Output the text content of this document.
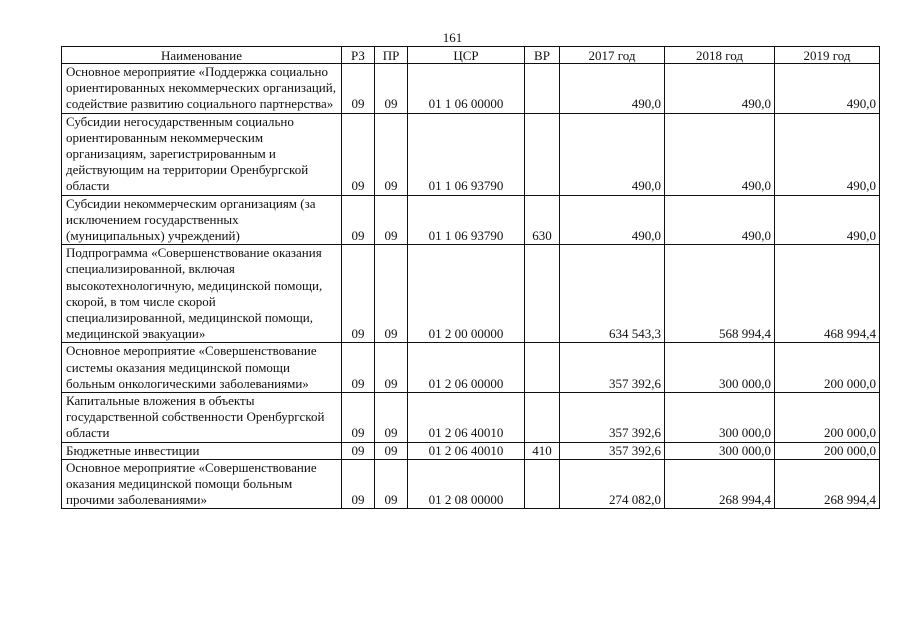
161
Наименование	РЗ	ПР	ЦСР	ВР	2017 год	2018 год	2019 год
Основное мероприятие «Поддержка социально ориентированных некоммерческих организаций, содействие развитию социального партнерства»	09	09	01 1 06 00000		490,0	490,0	490,0
Субсидии негосударственным социально ориентированным некоммерческим организациям, зарегистрированным и действующим на территории Оренбургской области	09	09	01 1 06 93790		490,0	490,0	490,0
Субсидии некоммерческим организациям (за исключением государственных (муниципальных) учреждений)	09	09	01 1 06 93790	630	490,0	490,0	490,0
Подпрограмма «Совершенствование оказания специализированной, включая высокотехнологичную, медицинской помощи, скорой, в том числе скорой специализированной, медицинской помощи, медицинской эвакуации»	09	09	01 2 00 00000		634 543,3	568 994,4	468 994,4
Основное мероприятие «Совершенствование системы оказания медицинской помощи больным онкологическими заболеваниями»	09	09	01 2 06 00000		357 392,6	300 000,0	200 000,0
Капитальные вложения в объекты государственной собственности Оренбургской области	09	09	01 2 06 40010		357 392,6	300 000,0	200 000,0
Бюджетные инвестиции	09	09	01 2 06 40010	410	357 392,6	300 000,0	200 000,0
Основное мероприятие «Совершенствование оказания медицинской помощи больным прочими заболеваниями»	09	09	01 2 08 00000		274 082,0	268 994,4	268 994,4
